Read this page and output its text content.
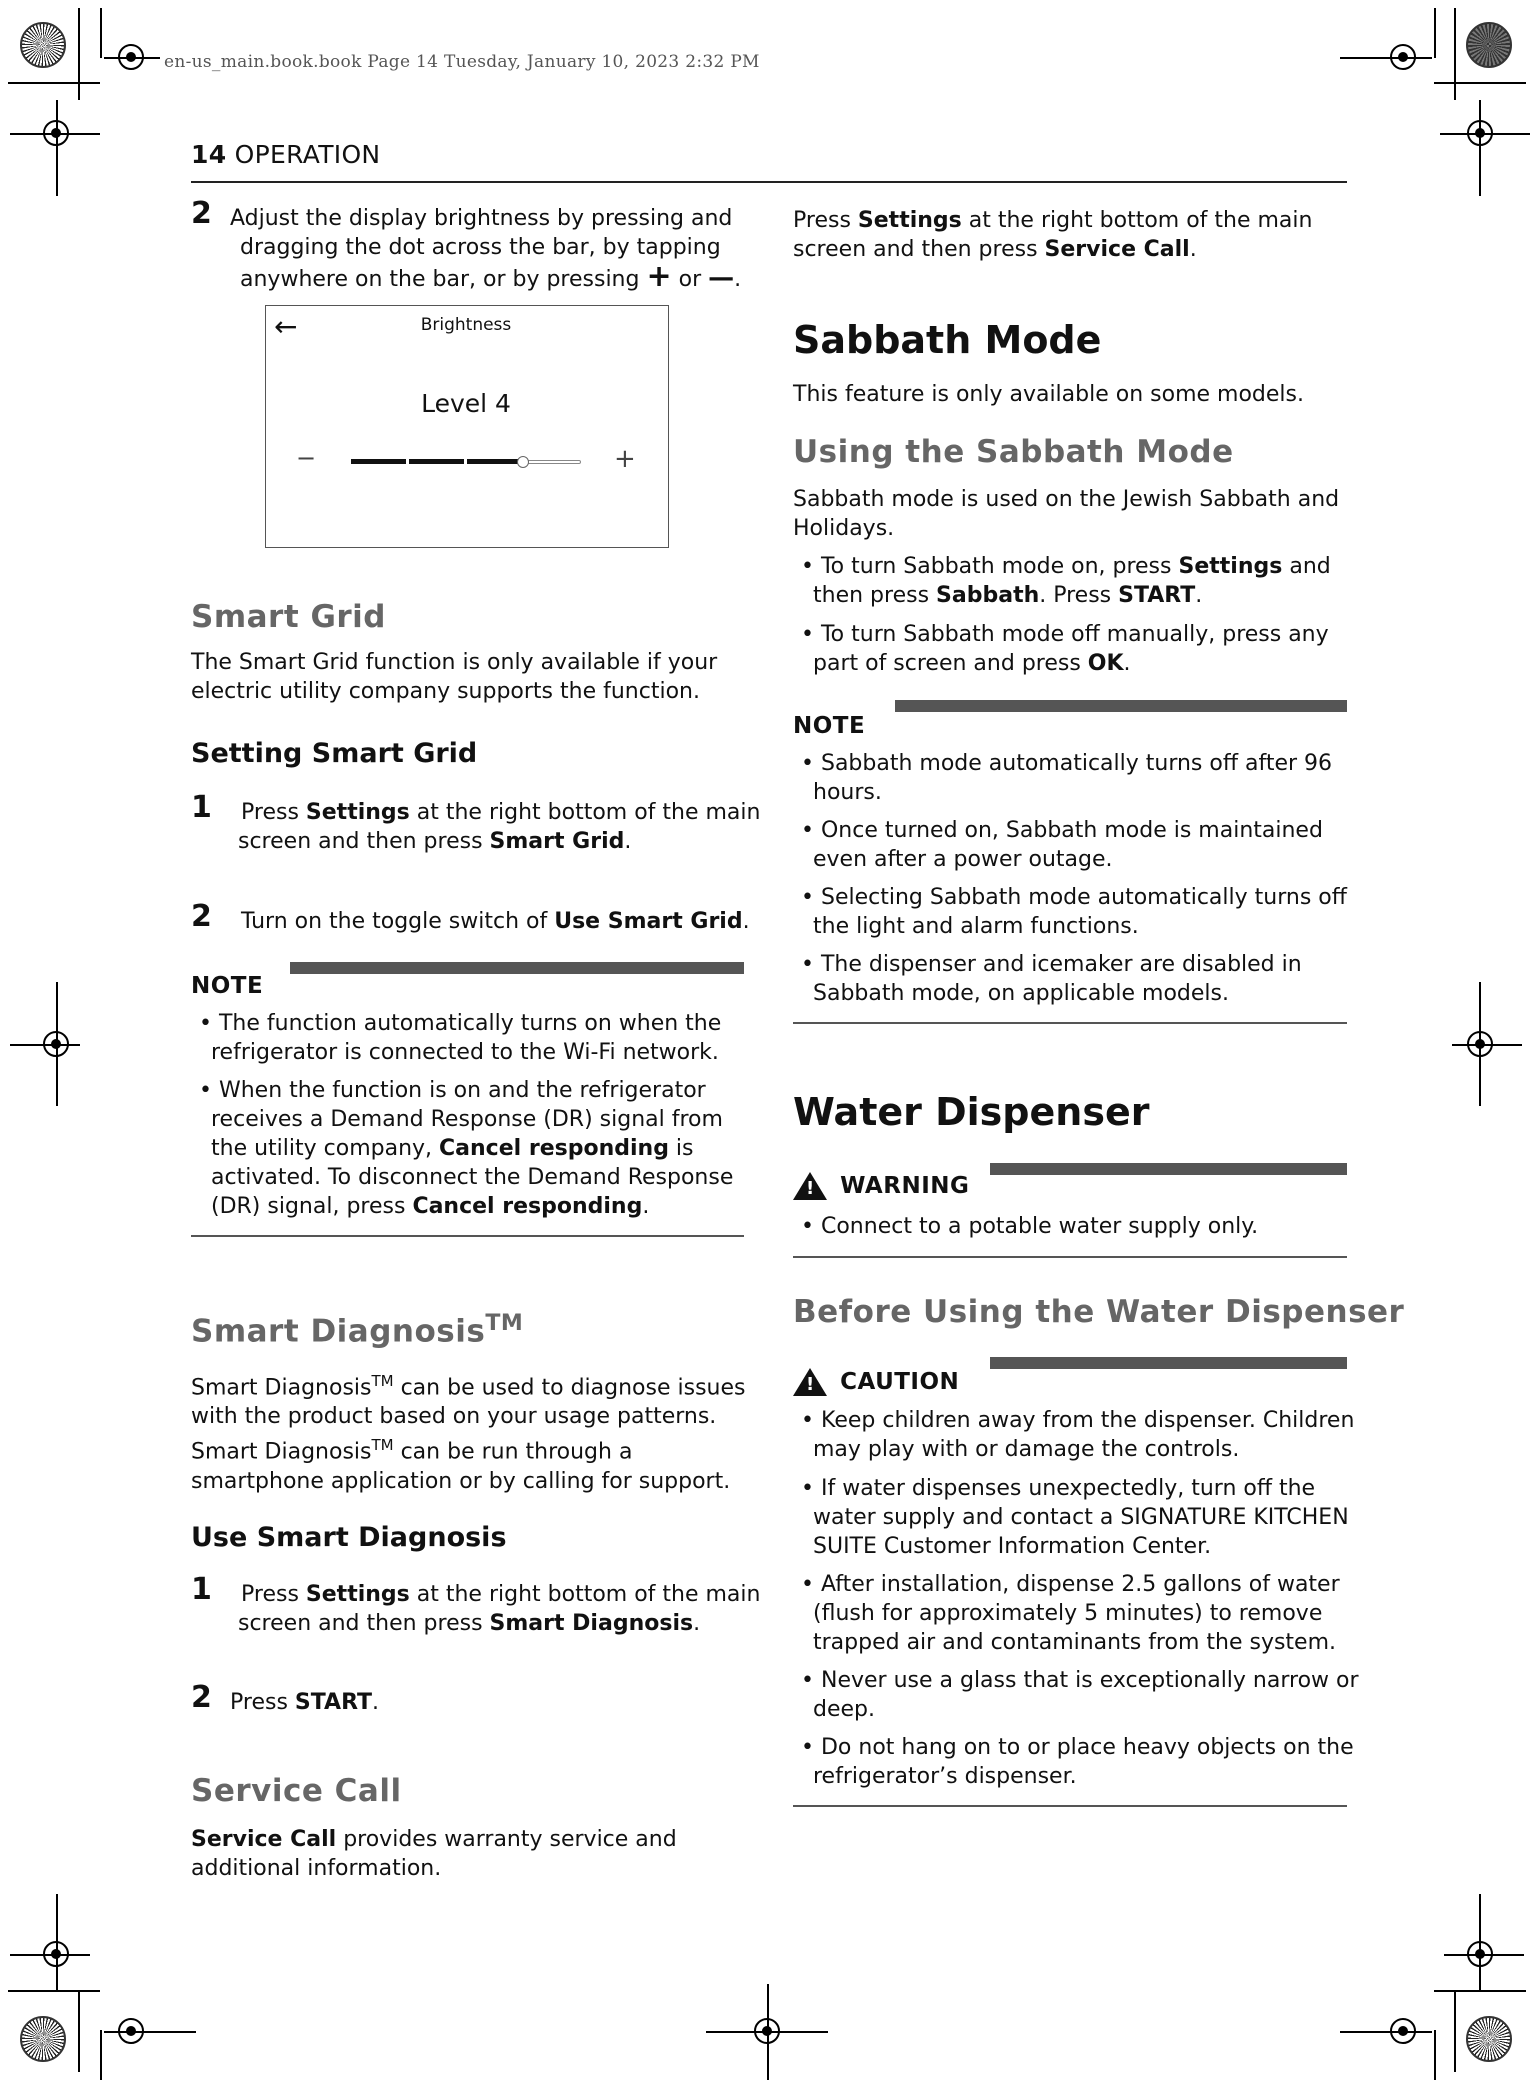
en-us_main.book.book Page 14 Tuesday, January 10, 2023 2:32 PM
14 OPERATION
2 Adjust the display brightness by pressing and
dragging the dot across the bar, by tapping
anywhere on the bar, or by pressing + or —.
←	Brightness
Level 4
−	+
Smart Grid
The Smart Grid function is only available if your
electric utility company supports the function.
Setting Smart Grid
1 Press Settings at the right bottom of the main
screen and then press Smart Grid.
2 Turn on the toggle switch of Use Smart Grid.
NOTE
• The function automatically turns on when the
refrigerator is connected to the Wi-Fi network.
• When the function is on and the refrigerator
receives a Demand Response (DR) signal from
the utility company, Cancel responding is
activated. To disconnect the Demand Response
(DR) signal, press Cancel responding.
Smart Diagnosis™
Smart Diagnosis™ can be used to diagnose issues
with the product based on your usage patterns.
Smart Diagnosis™ can be run through a
smartphone application or by calling for support.
Use Smart Diagnosis
1 Press Settings at the right bottom of the main
screen and then press Smart Diagnosis.
2 Press START.
Service Call
Service Call provides warranty service and
additional information.
Press Settings at the right bottom of the main
screen and then press Service Call.
Sabbath Mode
This feature is only available on some models.
Using the Sabbath Mode
Sabbath mode is used on the Jewish Sabbath and
Holidays.
• To turn Sabbath mode on, press Settings and
then press Sabbath. Press START.
• To turn Sabbath mode off manually, press any
part of screen and press OK.
NOTE
• Sabbath mode automatically turns off after 96
hours.
• Once turned on, Sabbath mode is maintained
even after a power outage.
• Selecting Sabbath mode automatically turns off
the light and alarm functions.
• The dispenser and icemaker are disabled in
Sabbath mode, on applicable models.
Water Dispenser
! WARNING
• Connect to a potable water supply only.
Before Using the Water Dispenser
! CAUTION
• Keep children away from the dispenser. Children
may play with or damage the controls.
• If water dispenses unexpectedly, turn off the
water supply and contact a SIGNATURE KITCHEN
SUITE Customer Information Center.
• After installation, dispense 2.5 gallons of water
(flush for approximately 5 minutes) to remove
trapped air and contaminants from the system.
• Never use a glass that is exceptionally narrow or
deep.
• Do not hang on to or place heavy objects on the
refrigerator’s dispenser.
